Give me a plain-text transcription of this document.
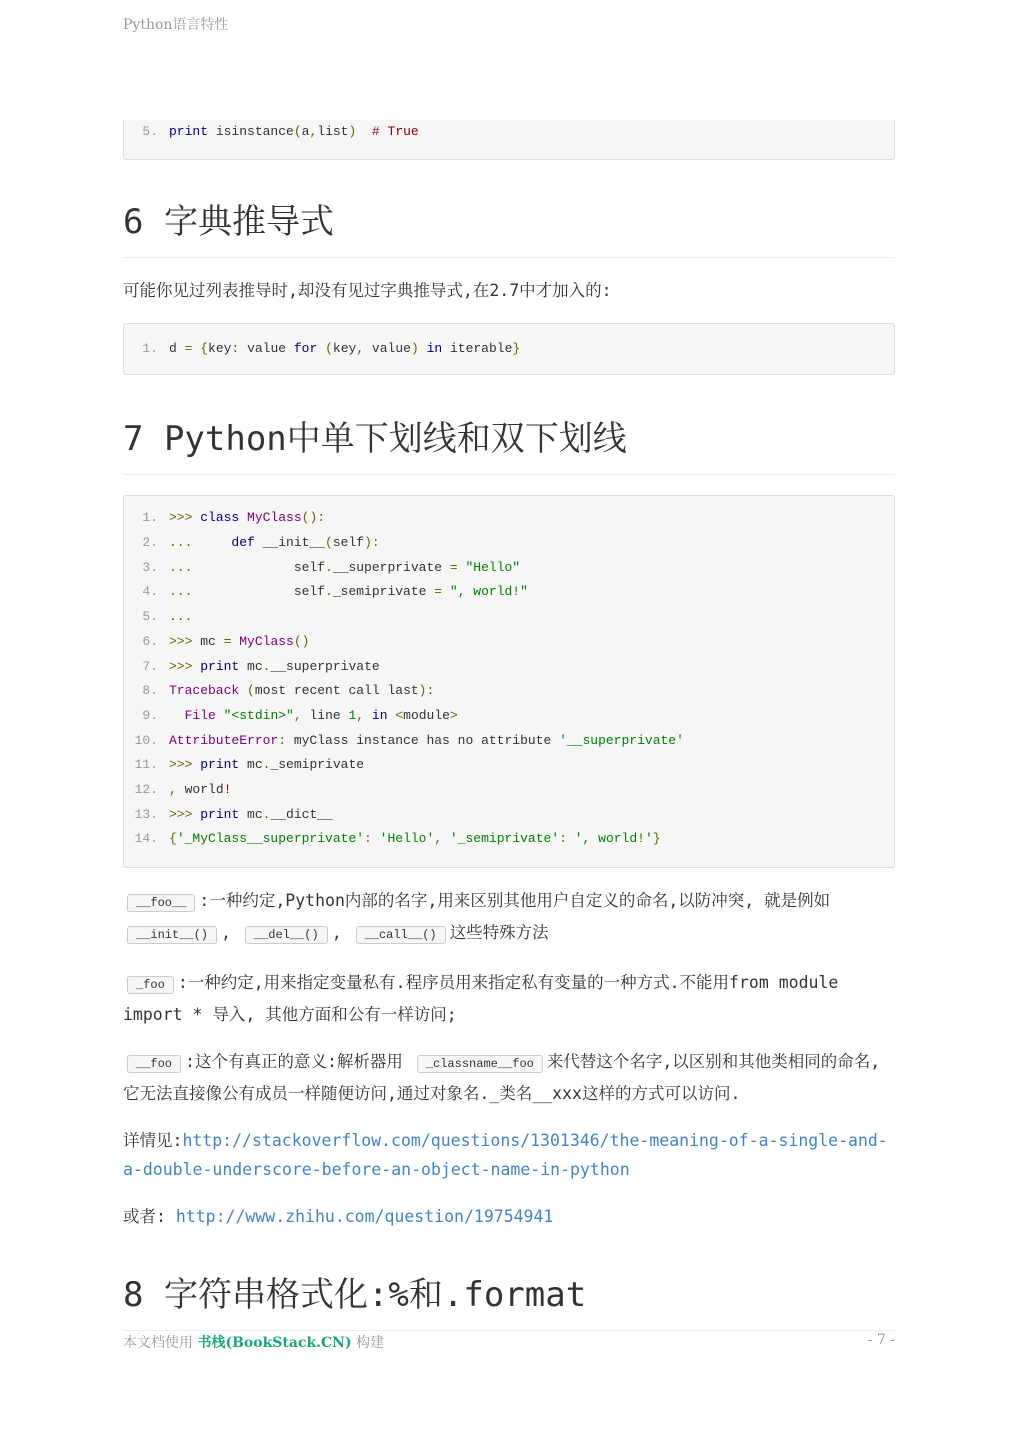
Python语言特性
5. print isinstance(a,list) # True
6 字典推导式

可能你见过列表推导时,却没有见过字典推导式,在2.7中才加入的:

1. d = {key: value for (key, value) in iterable}
7 Python中单下划线和双下划线
1. >>> class MyClass():
2. ...	def __init__(self):
3. ...             self.__superprivate = "Hello"
4. ...             self._semiprivate = ", world!"
5. ...
6. >>> mc = MyClass()
7. >>> print mc.__superprivate
8. Traceback (most recent call last):
9. File "<stdin>", line 1, in <module>
10. AttributeError: myClass instance has no attribute '__superprivate'
11. >>> print mc._semiprivate
12. , world!
13. >>> print mc.__dict__
14. {'_MyClass__superprivate': 'Hello', '_semiprivate': ', world!'}

__foo__ :一种约定,Python内部的名字,用来区别其他用户自定义的命名,以防冲突, 就是例如 __init__() , __del__() , __call__() 这些特殊方法

_foo :一种约定,用来指定变量私有.程序员用来指定私有变量的一种方式.不能用from module import * 导入, 其他方面和公有一样访问;

__foo :这个有真正的意义:解析器用 _classname__foo 来代替这个名字,以区别和其他类相同的命名,它无法直接像公有成员一样随便访问,通过对象名._类名__xxx这样的方式可以访问.

详情见:http://stackoverflow.com/questions/1301346/the-meaning-of-a-single-and-a-double-underscore-before-an-object-name-in-python

或者: http://www.zhihu.com/question/19754941

8 字符串格式化:%和.format
本文档使用 书栈(BookStack.CN) 构建	- 7 -
